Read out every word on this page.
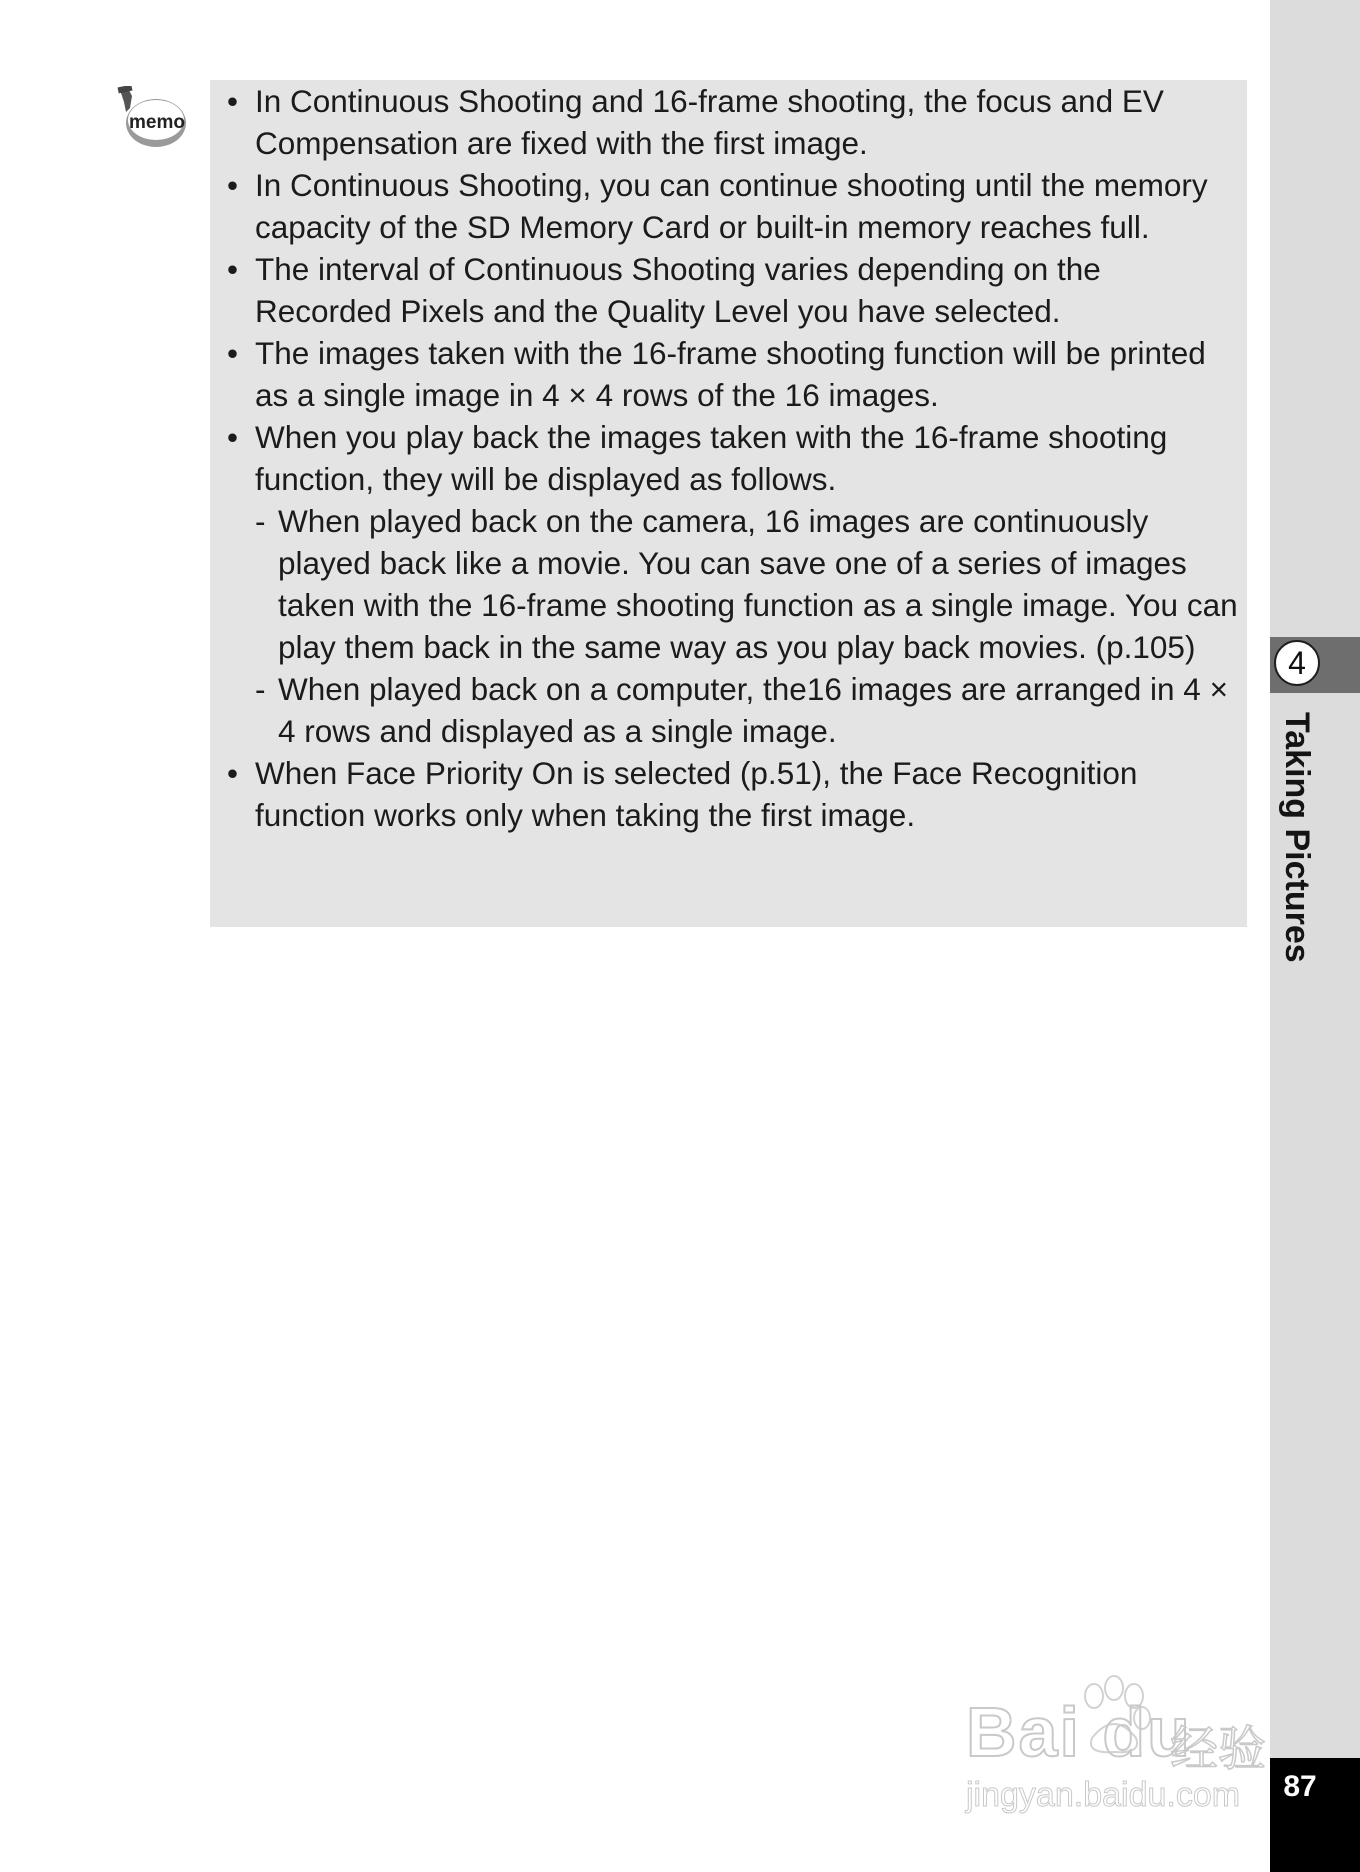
4
Taking Pictures
87
memo
• In Continuous Shooting and 16-frame shooting, the focus and EV Compensation are fixed with the first image.
• In Continuous Shooting, you can continue shooting until the memory capacity of the SD Memory Card or built-in memory reaches full.
• The interval of Continuous Shooting varies depending on the Recorded Pixels and the Quality Level you have selected.
• The images taken with the 16-frame shooting function will be printed as a single image in 4 × 4 rows of the 16 images.
• When you play back the images taken with the 16-frame shooting function, they will be displayed as follows.
- When played back on the camera, 16 images are continuously played back like a movie. You can save one of a series of images taken with the 16-frame shooting function as a single image. You can play them back in the same way as you play back movies. (p.105)
- When played back on a computer, the16 images are arranged in 4 × 4 rows and displayed as a single image.
• When Face Priority On is selected (p.51), the Face Recognition function works only when taking the first image.
Bai du
经验
jingyan.baidu.com
